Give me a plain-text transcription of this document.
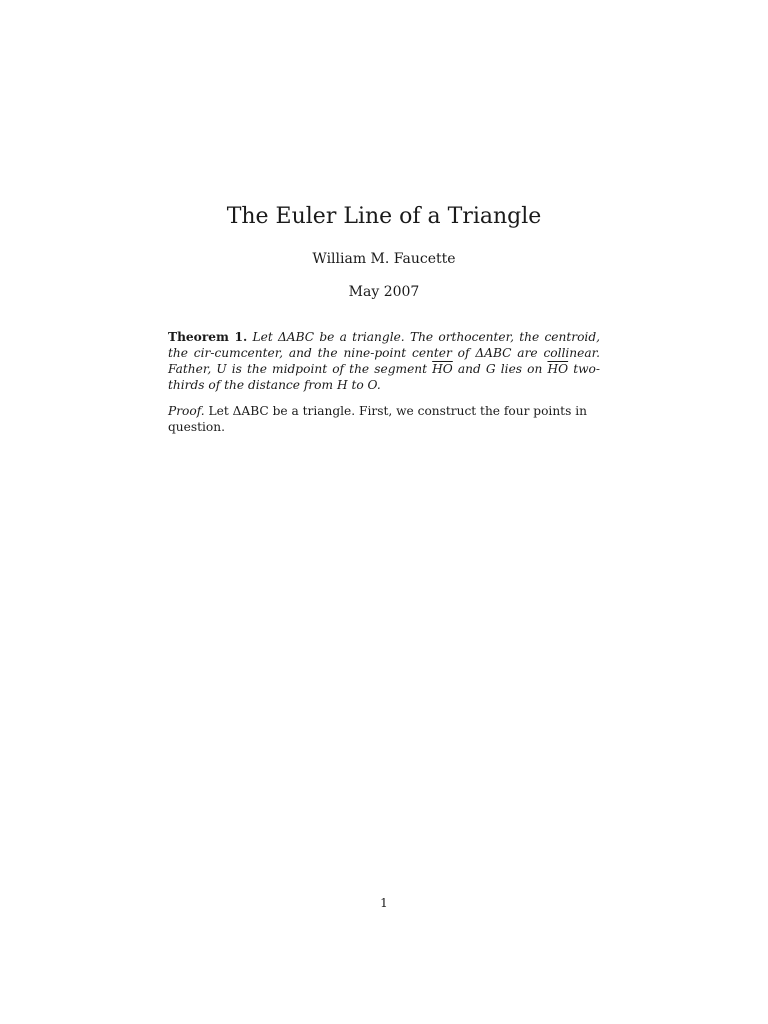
The Euler Line of a Triangle
William M. Faucette
May 2007

Theorem 1. Let ΔABC be a triangle. The orthocenter, the centroid, the cir-cumcenter, and the nine-point center of ΔABC are collinear. Father, U is the midpoint of the segment $\overline{HO}$ and G lies on $\overline{HO}$ two-thirds of the distance from H to O.

Proof. Let ΔABC be a triangle. First, we construct the four points in question.

1
